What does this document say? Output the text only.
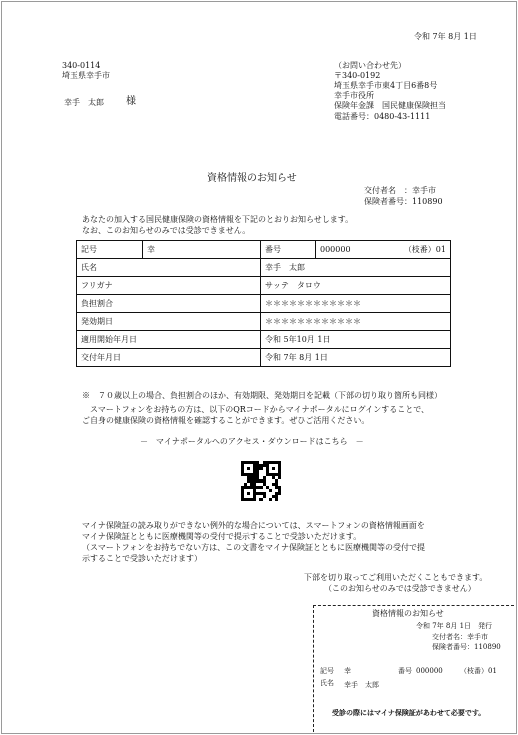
令和 7年 8月 1日
340-0114
埼玉県幸手市
幸手　太郎 様
（お問い合わせ先）
〒340-0192
埼玉県幸手市東4丁目6番8号
幸手市役所
保険年金課　国民健康保険担当
電話番号：0480-43-1111
資格情報のお知らせ
交付者名　：幸手市
保険者番号：110890
あなたの加入する国民健康保険の資格情報を下記のとおりお知らせします。
なお、このお知らせのみでは受診できません。
記号	幸	番号	000000 （枝番）01

氏名		幸手　太郎	
フリガナ		サッテ　タロウ	
負担割合		＊＊＊＊＊＊＊＊＊＊＊＊	
発効期日		＊＊＊＊＊＊＊＊＊＊＊＊	
適用開始年月日		令和 5年10月 1日	
交付年月日		令和 7年 8月 1日	
※　７０歳以上の場合、負担割合のほか、有効期限、発効期日を記載（下部の切り取り箇所も同様）
　スマートフォンをお持ちの方は、以下のQRコードからマイナポータルにログインすることで、
ご自身の健康保険の資格情報を確認することができます。ぜひご活用ください。
－　マイナポータルへのアクセス・ダウンロードはこちら　－
マイナ保険証の読み取りができない例外的な場合については、スマートフォンの資格情報画面を
マイナ保険証とともに医療機関等の受付で提示することで受診いただけます。
（スマートフォンをお持ちでない方は、この文書をマイナ保険証とともに医療機関等の受付で提
示することで受診いただけます）
下部を切り取ってご利用いただくこともできます。
（このお知らせのみでは受診できません）
資格情報のお知らせ
令和 7年 8月 1日　発行
交付者名：幸手市
保険者番号：110890
記号 幸	番号 000000 （枝番）01
氏名 幸手　太郎
受診の際にはマイナ保険証があわせて必要です。
